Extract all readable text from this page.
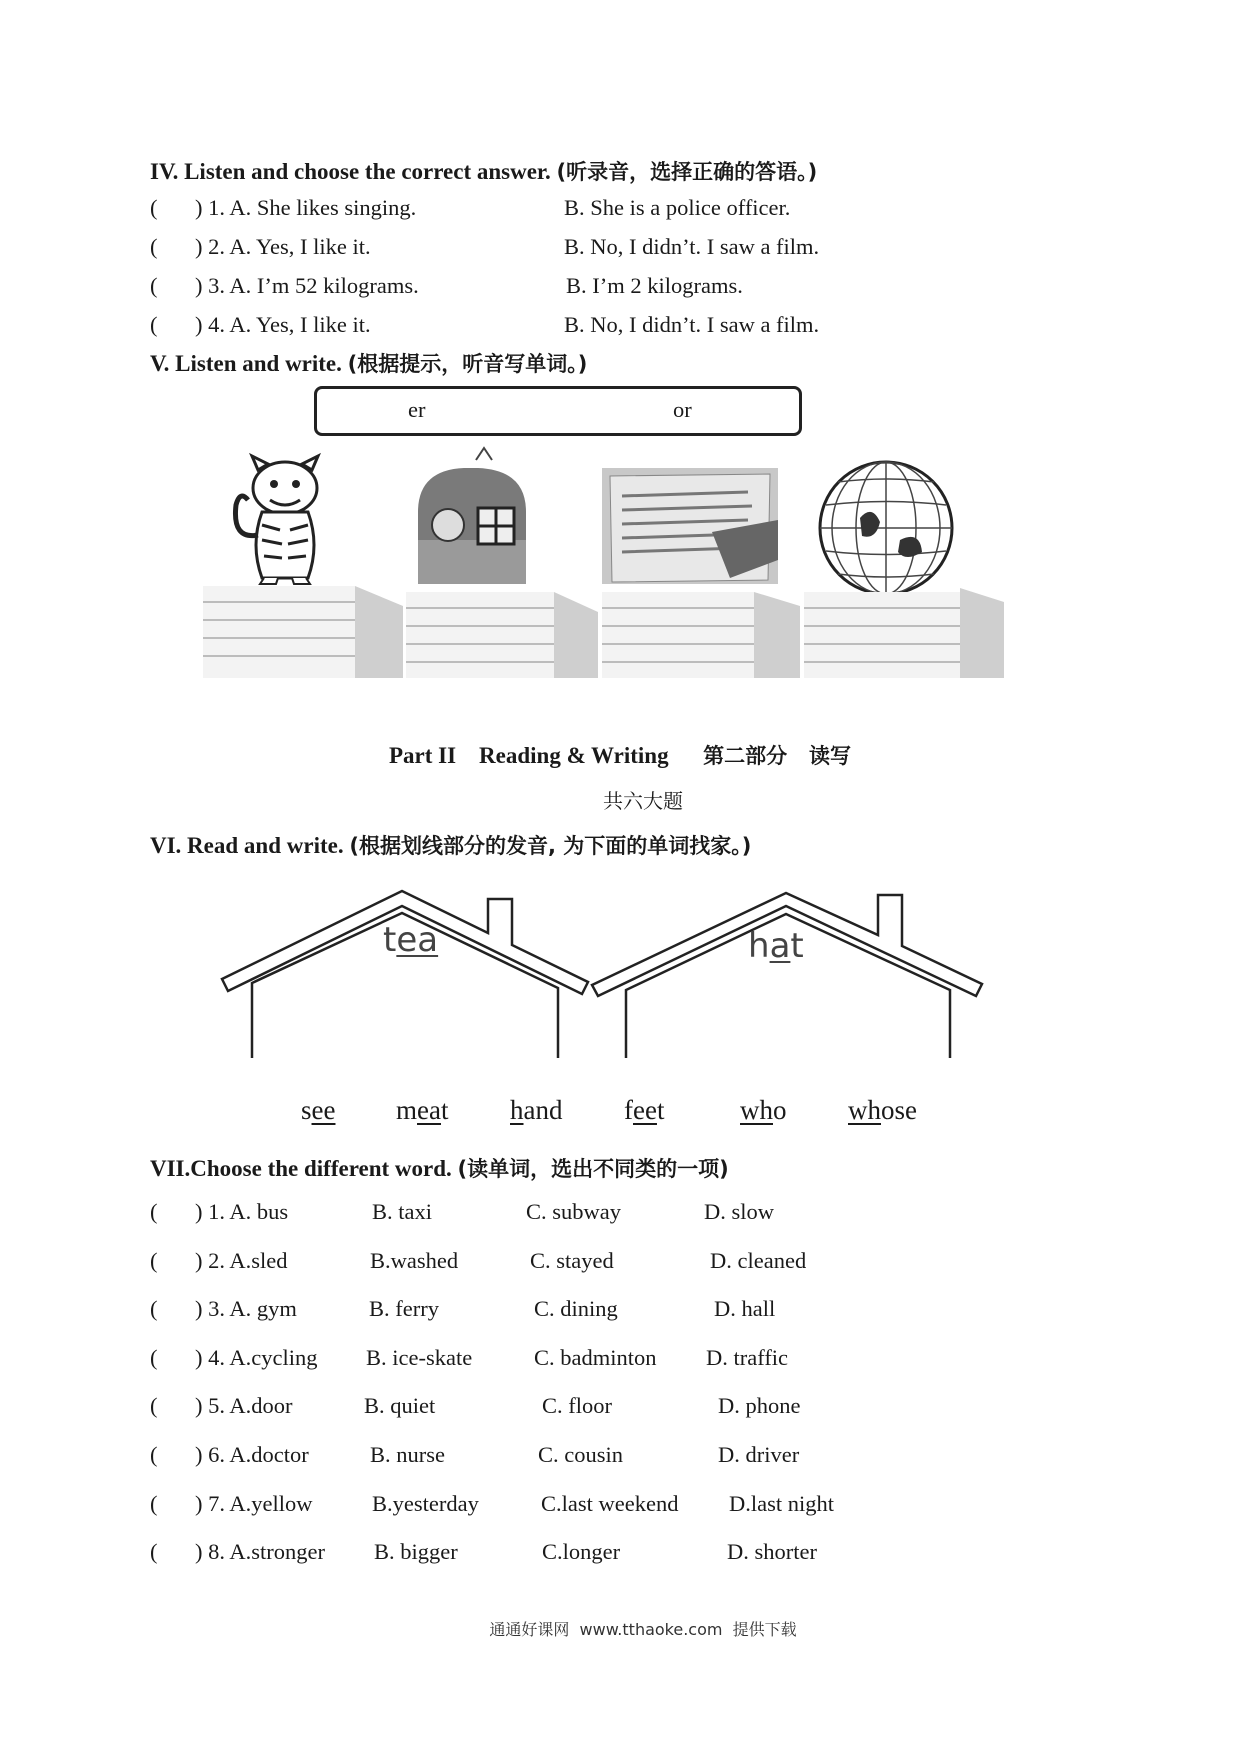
IV. Listen and choose the correct answer. (听录音，选择正确的答语。)
( ) 1. A. She likes singing.	B. She is a police officer.
( ) 2. A. Yes, I like it.	B. No, I didn’t. I saw a film.
( ) 3. A. I’m 52 kilograms.	B. I’m 2 kilograms.
( ) 4. A. Yes, I like it.	B. No, I didn’t. I saw a film.
V. Listen and write. (根据提示，听音写单词。)
er	or
Part II    Reading & Writing 第二部分   读写
共六大题
VI. Read and write. (根据划线部分的发音, 为下面的单词找家。)
tea	hat
see meat hand feet	who whose
VII.Choose the different word. (读单词，选出不同类的一项)
( ) 1. A. bus	B. taxi	C. subway	D. slow
( ) 2. A.sled	B.washed	C. stayed	D. cleaned
( ) 3. A. gym	B. ferry	C. dining	D. hall
( ) 4. A.cycling B. ice-skate	C. badminton D. traffic
( ) 5. A.door	B. quiet	C. floor	D. phone
( ) 6. A.doctor	B. nurse	C. cousin	D. driver
( ) 7. A.yellow	B.yesterday	C.last weekend D.last night
( ) 8. A.stronger B. bigger	C.longer	D. shorter
通通好课网  www.tthaoke.com  提供下载
